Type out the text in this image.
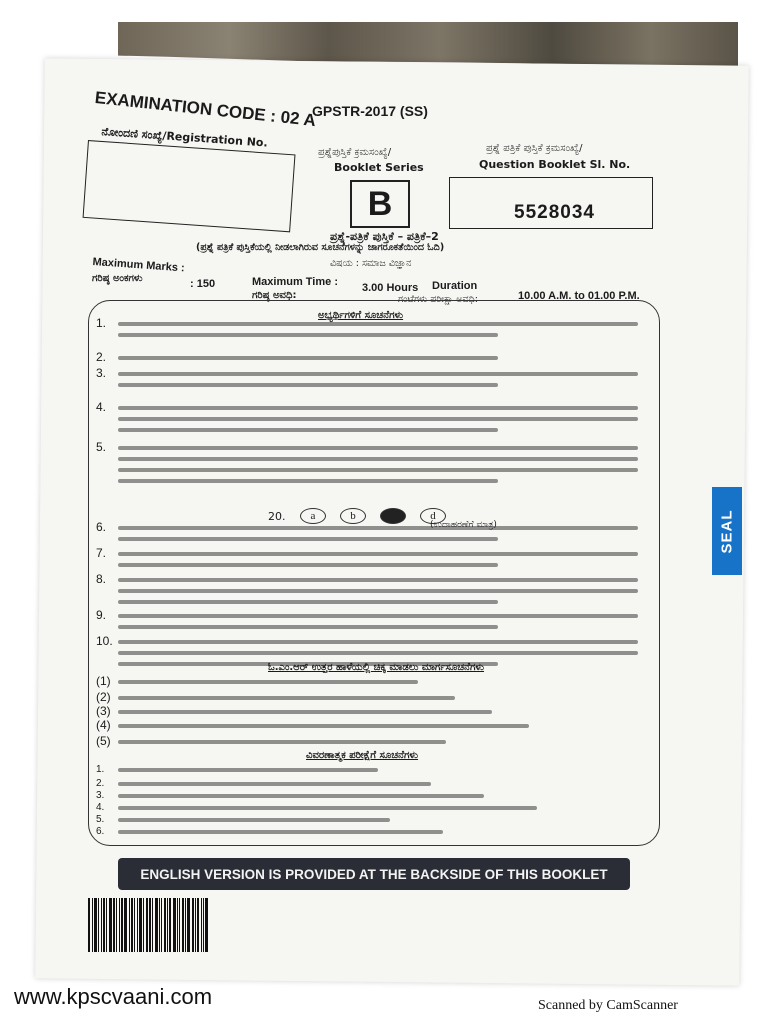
EXAMINATION CODE : 02 A
GPSTR-2017 (SS)
ನೋಂದಣಿ ಸಂಖ್ಯೆ/Registration No.
ಪ್ರಶ್ನೆಪುಸ್ತಿಕೆ ಕ್ರಮಸಂಖ್ಯೆ/
Booklet Series
B
ಪ್ರಶ್ನೆ ಪತ್ರಿಕೆ ಪುಸ್ತಿಕೆ ಕ್ರಮಸಂಖ್ಯೆ/
Question Booklet Sl. No.
5528034
ಪ್ರಶ್ನೆ-ಪತ್ರಿಕೆ ಪುಸ್ತಿಕೆ – ಪತ್ರಿಕೆ–2
(ಪ್ರಶ್ನೆ ಪತ್ರಿಕೆ ಪುಸ್ತಿಕೆಯಲ್ಲಿ ನೀಡಲಾಗಿರುವ ಸೂಚನೆಗಳನ್ನು ಜಾಗರೂಕತೆಯಿಂದ ಓದಿ)
ವಿಷಯ : ಸಮಾಜ ವಿಜ್ಞಾನ
Maximum Marks :
ಗರಿಷ್ಠ ಅಂಕಗಳು	: 150	Maximum Time :
ಗರಿಷ್ಠ ಅವಧಿ:
3.00 Hours Duration
ಗಂಟೆಗಳು ಪರೀಕ್ಷಾ ಅವಧಿ:	10.00 A.M. to 01.00 P.M.
ಅಭ್ಯರ್ಥಿಗಳಿಗೆ ಸೂಚನೆಗಳು
1.
2.
3.
4.
5.
6.
7.
8.
9.
10.
(1)
(2)
(3)
(4)
(5)
1.
2.
3.
4.
5.
6.
20.	a	b	c	d
(ಉದಾಹರಣೆಗೆ ಮಾತ್ರ)
ಓ.ಎಂ.ಆರ್ ಉತ್ತರ ಹಾಳೆಯಲ್ಲಿ ಚಿಕ್ಕ ಮಾಡಲು ಮಾರ್ಗಸೂಚನೆಗಳು
ವಿವರಣಾತ್ಮಕ ಪರೀಕ್ಷೆಗೆ ಸೂಚನೆಗಳು
ENGLISH VERSION IS PROVIDED AT THE BACKSIDE OF THIS BOOKLET
SEAL
www.kpscvaani.com	Scanned by CamScanner
